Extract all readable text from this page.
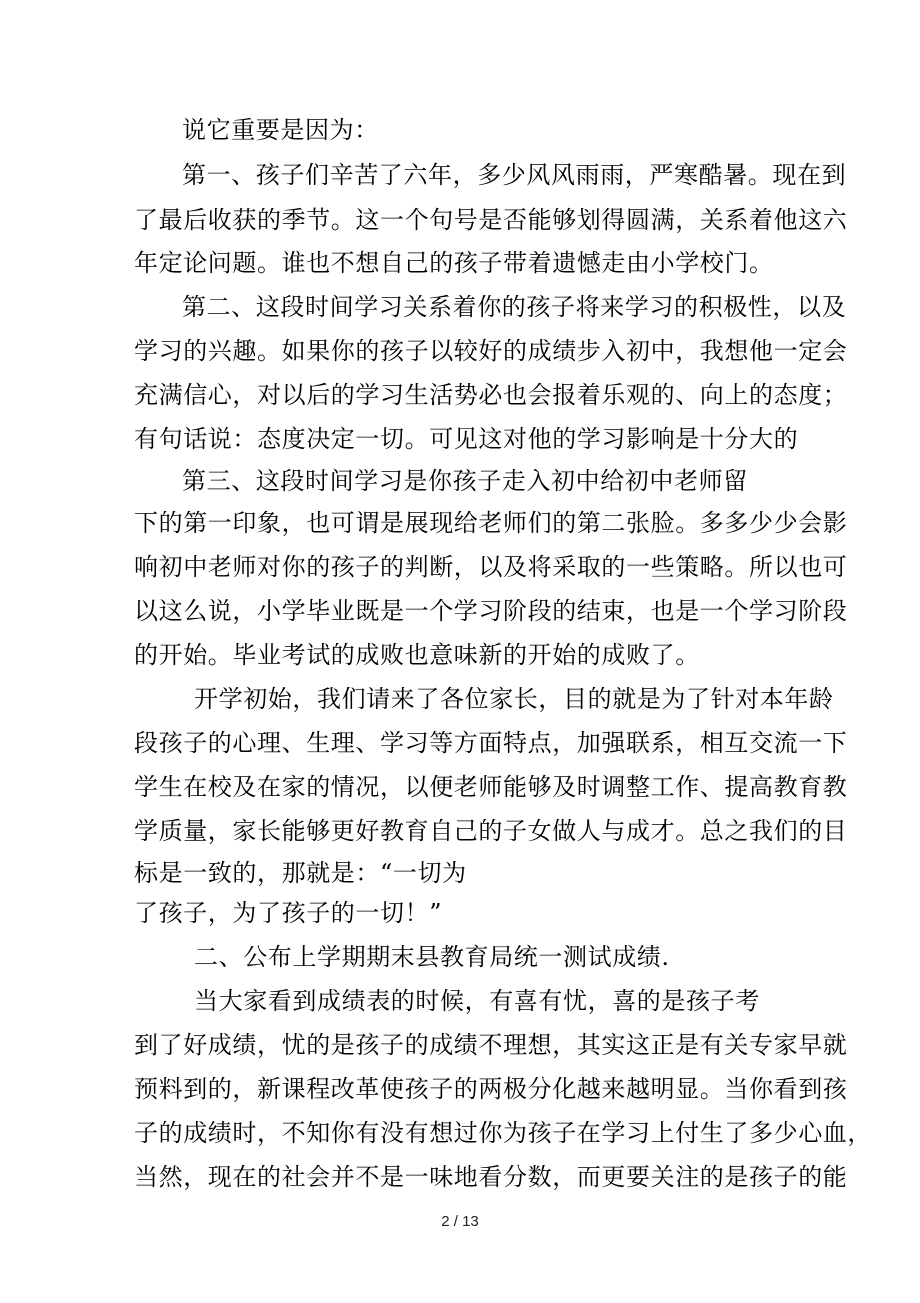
说它重要是因为：
第一、孩子们辛苦了六年，多少风风雨雨，严寒酷暑。现在到
了最后收获的季节。这一个句号是否能够划得圆满，关系着他这六
年定论问题。谁也不想自己的孩子带着遗憾走由小学校门。
第二、这段时间学习关系着你的孩子将来学习的积极性，以及
学习的兴趣。如果你的孩子以较好的成绩步入初中，我想他一定会
充满信心，对以后的学习生活势必也会报着乐观的、向上的态度；
有句话说：态度决定一切。可见这对他的学习影响是十分大的
第三、这段时间学习是你孩子走入初中给初中老师留
下的第一印象，也可谓是展现给老师们的第二张脸。多多少少会影
响初中老师对你的孩子的判断，以及将采取的一些策略。所以也可
以这么说，小学毕业既是一个学习阶段的结束，也是一个学习阶段
的开始。毕业考试的成败也意味新的开始的成败了。
开学初始，我们请来了各位家长，目的就是为了针对本年龄
段孩子的心理、生理、学习等方面特点，加强联系，相互交流一下
学生在校及在家的情况，以便老师能够及时调整工作、提高教育教
学质量，家长能够更好教育自己的子女做人与成才。总之我们的目
标是一致的，那就是：“一切为
了孩子，为了孩子的一切！”
二、公布上学期期末县教育局统一测试成绩.
当大家看到成绩表的时候，有喜有忧，喜的是孩子考
到了好成绩，忧的是孩子的成绩不理想，其实这正是有关专家早就
预料到的，新课程改革使孩子的两极分化越来越明显。当你看到孩
子的成绩时，不知你有没有想过你为孩子在学习上付生了多少心血，
当然，现在的社会并不是一味地看分数，而更要关注的是孩子的能
2 / 13
